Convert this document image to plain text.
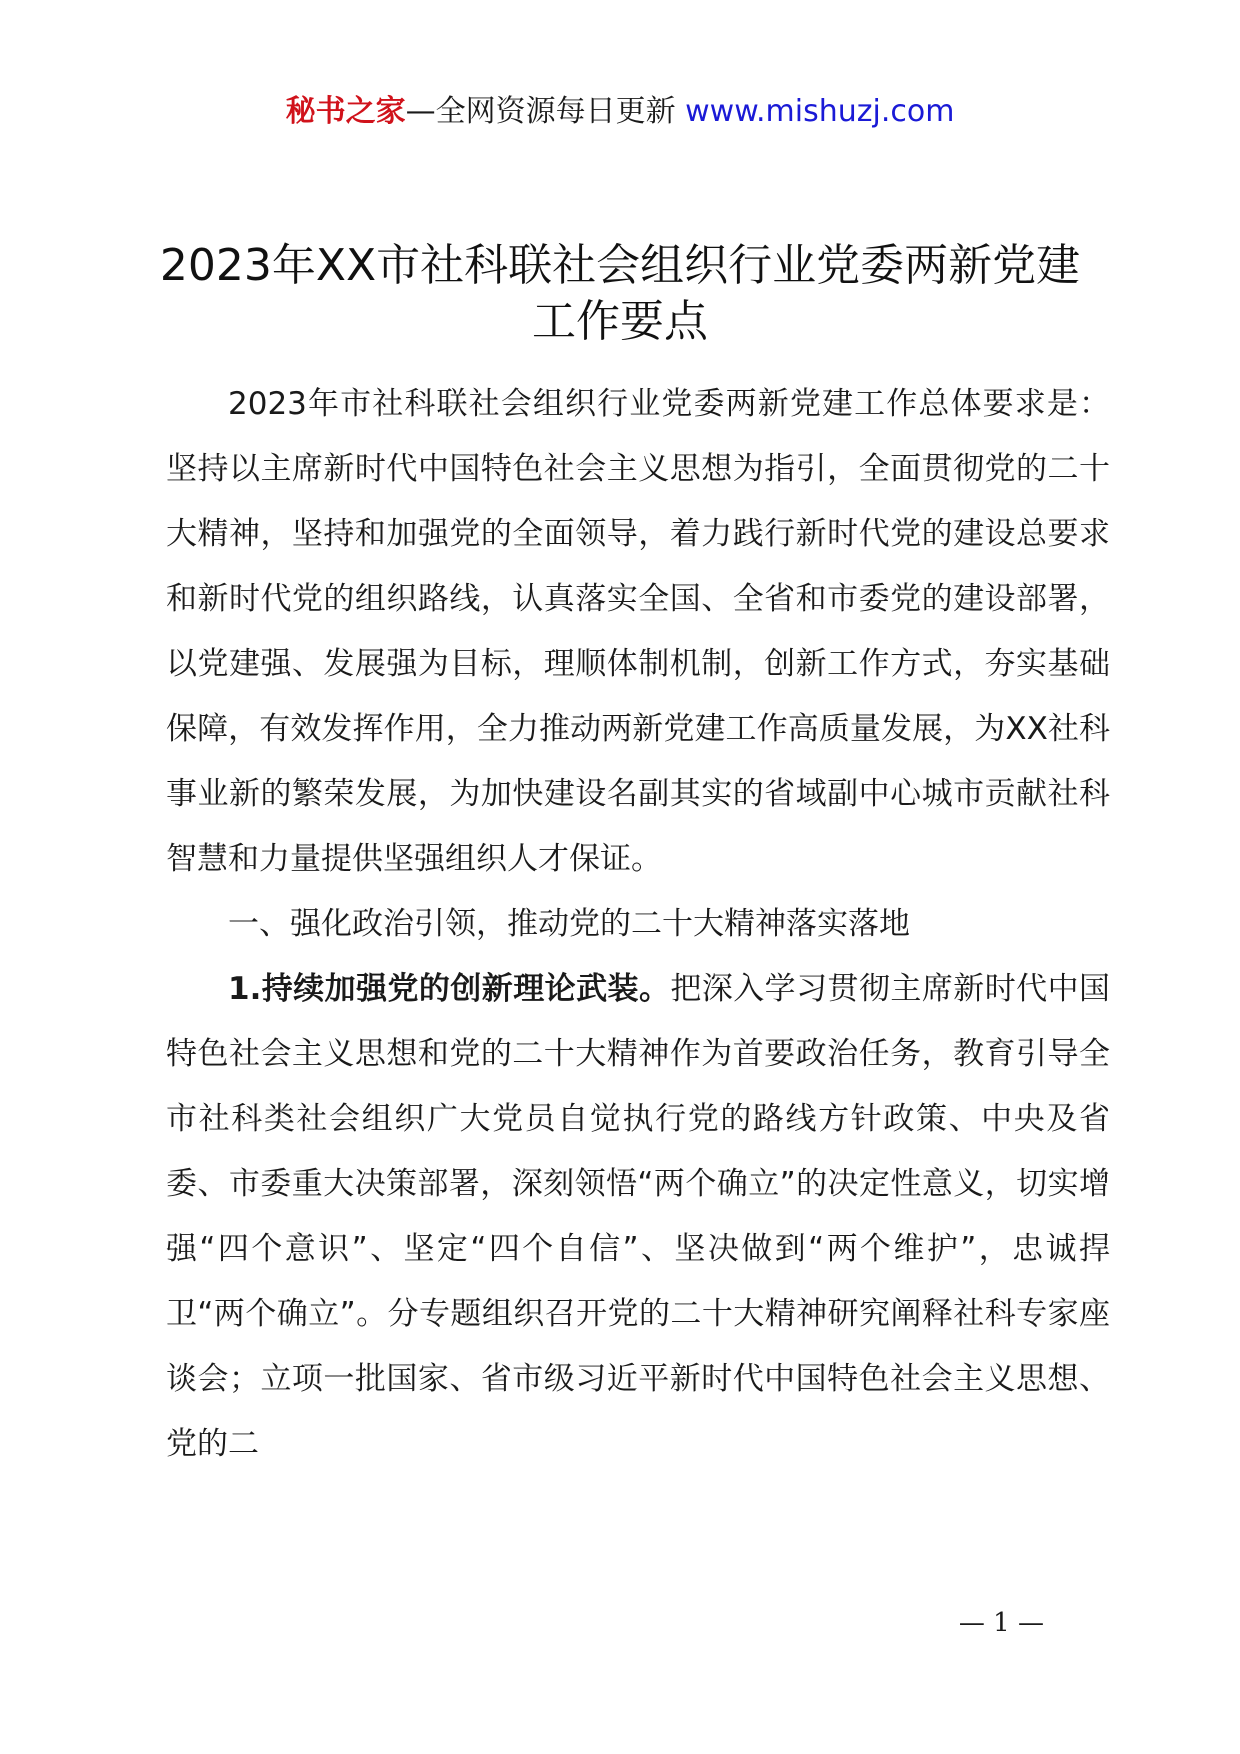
秘书之家—全网资源每日更新 www.mishuzj.com
2023年XX市社科联社会组织行业党委两新党建工作要点

2023年市社科联社会组织行业党委两新党建工作总体要求是：坚持以主席新时代中国特色社会主义思想为指引，全面贯彻党的二十大精神，坚持和加强党的全面领导，着力践行新时代党的建设总要求和新时代党的组织路线，认真落实全国、全省和市委党的建设部署，以党建强、发展强为目标，理顺体制机制，创新工作方式，夯实基础保障，有效发挥作用，全力推动两新党建工作高质量发展，为XX社科事业新的繁荣发展，为加快建设名副其实的省域副中心城市贡献社科智慧和力量提供坚强组织人才保证。

一、强化政治引领，推动党的二十大精神落实落地

1.持续加强党的创新理论武装。把深入学习贯彻主席新时代中国特色社会主义思想和党的二十大精神作为首要政治任务，教育引导全市社科类社会组织广大党员自觉执行党的路线方针政策、中央及省委、市委重大决策部署，深刻领悟“两个确立”的决定性意义，切实增强“四个意识”、坚定“四个自信”、坚决做到“两个维护”，忠诚捍卫“两个确立”。分专题组织召开党的二十大精神研究阐释社科专家座谈会；立项一批国家、省市级习近平新时代中国特色社会主义思想、党的二

— 1 —
